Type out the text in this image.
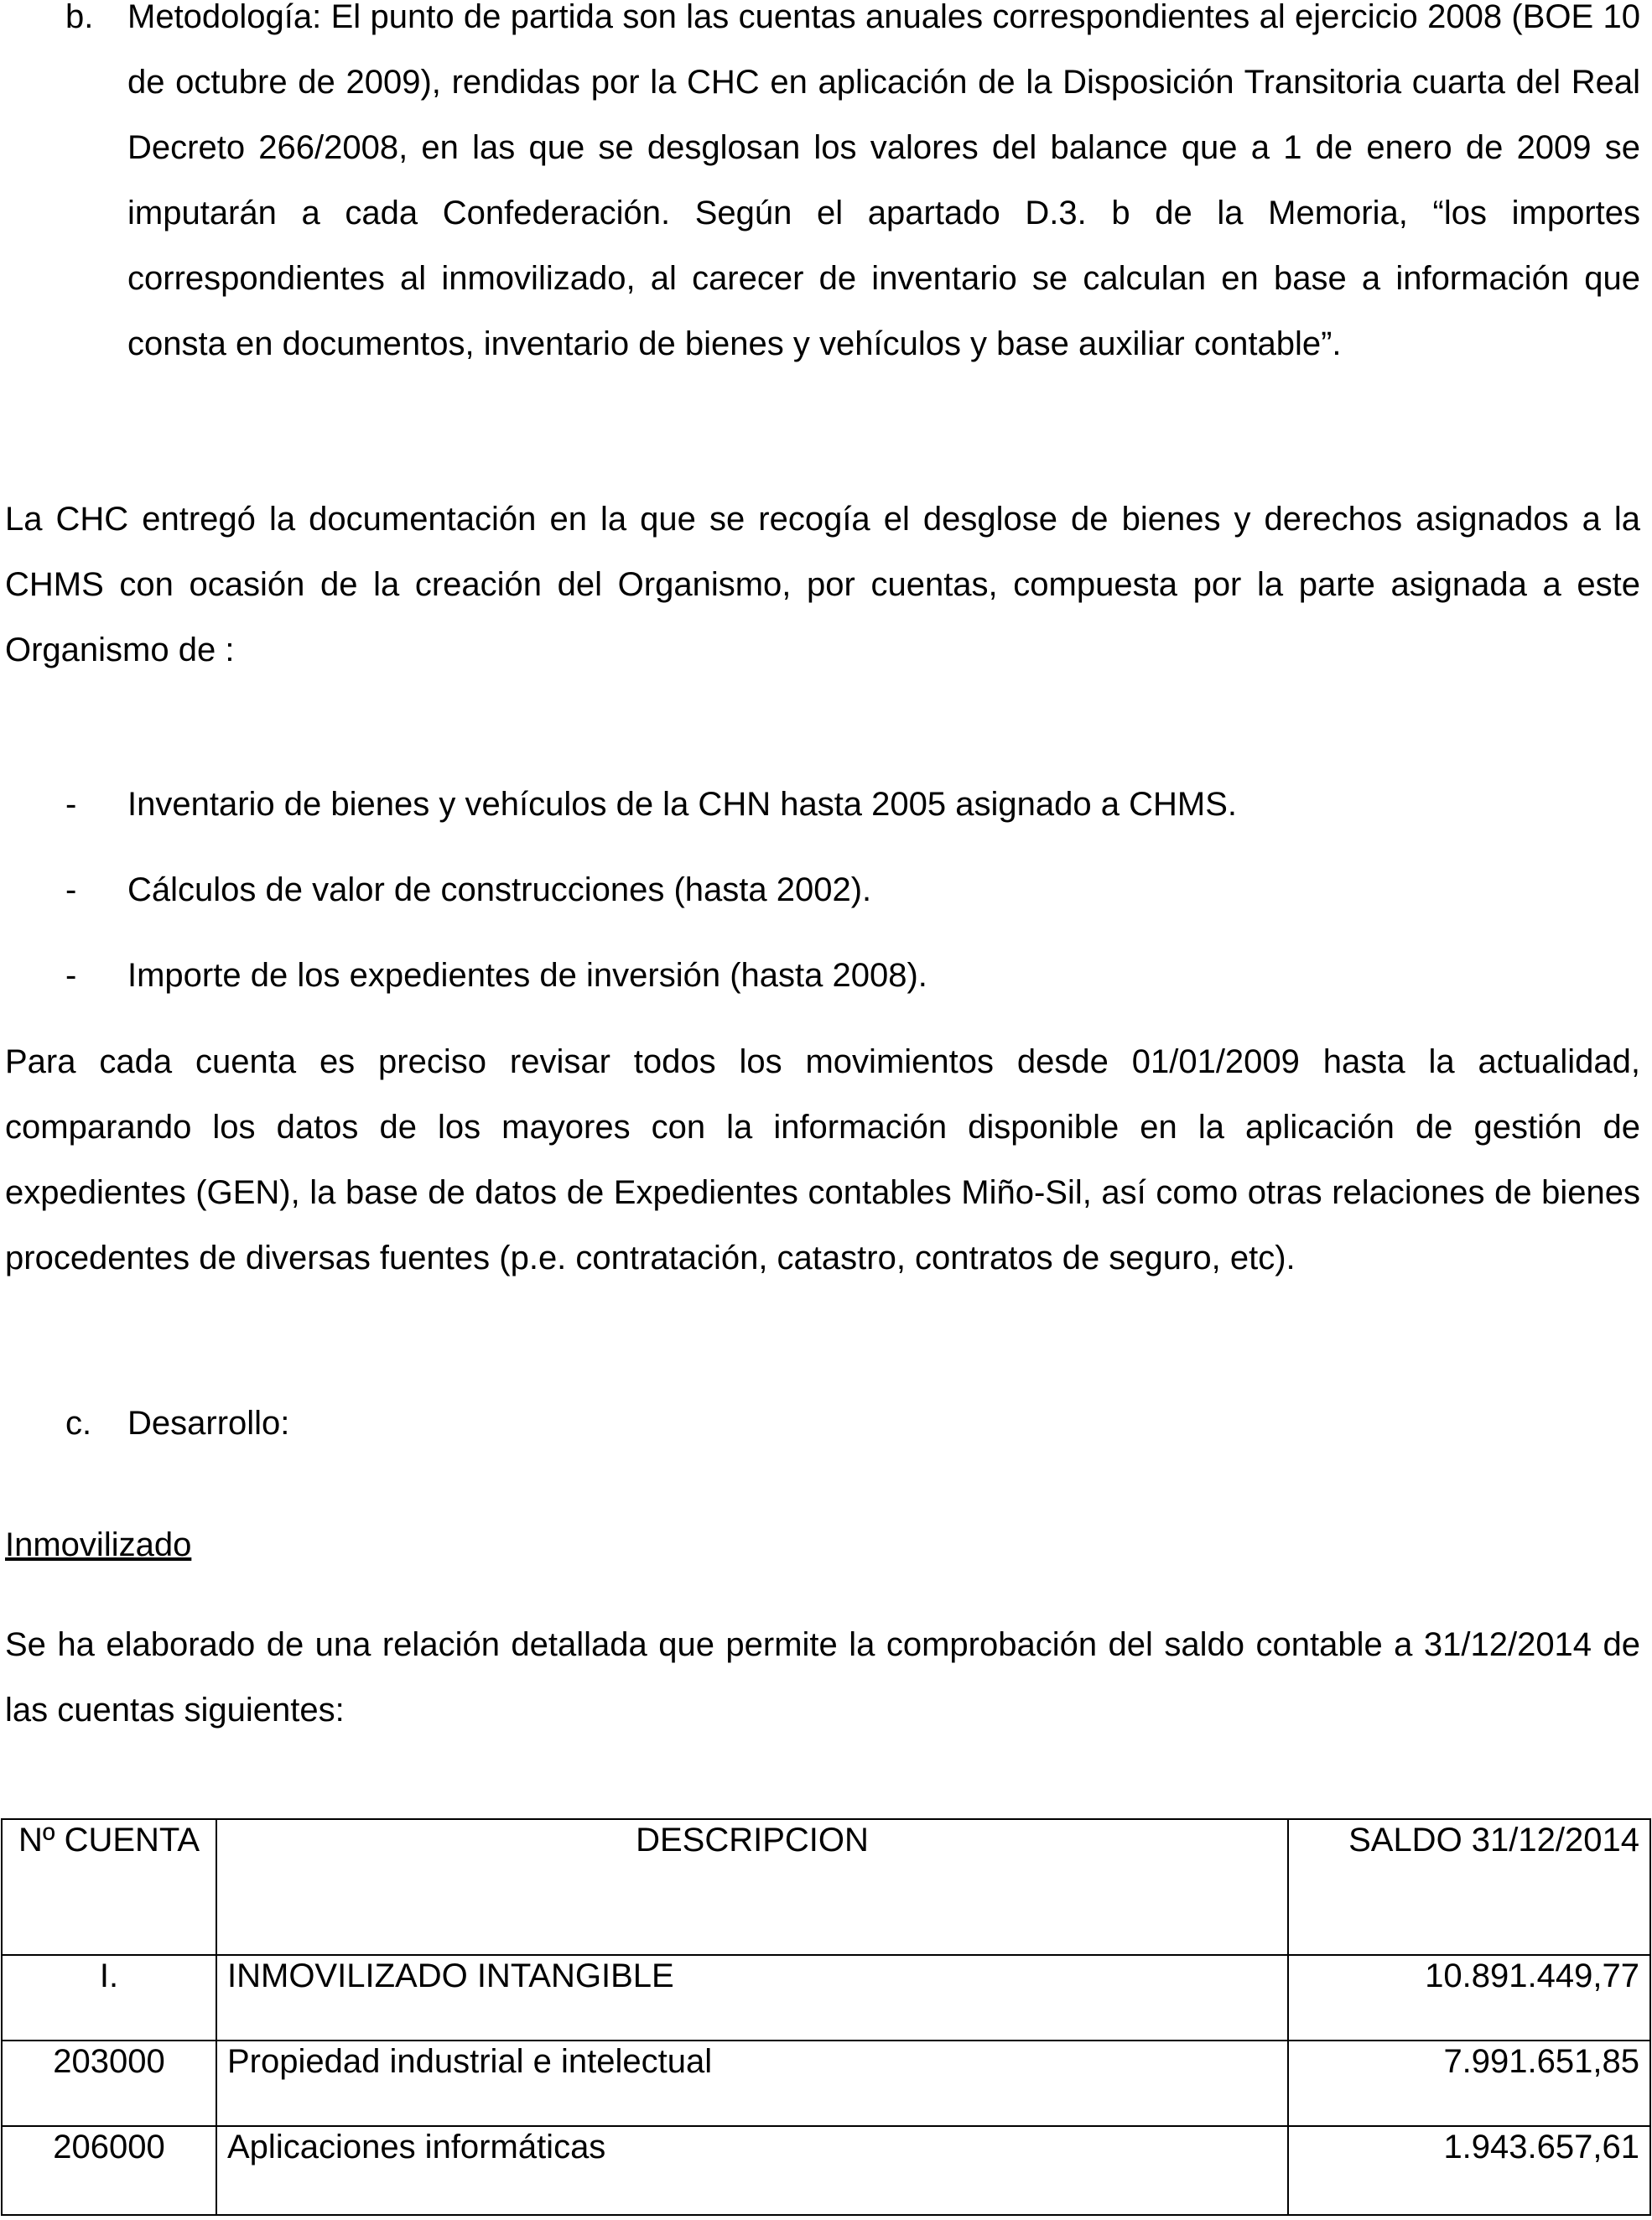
b.	Metodología: El punto de partida son las cuentas anuales correspondientes al ejercicio 2008 (BOE 10 de octubre de 2009), rendidas por la CHC en aplicación de la Disposición Transitoria cuarta del Real Decreto 266/2008, en las que se desglosan los valores del balance que a 1 de enero de 2009 se imputarán a cada Confederación. Según el apartado D.3. b de la Memoria, “los importes correspondientes al inmovilizado, al carecer de inventario se calculan en base a información que consta en documentos, inventario de bienes y vehículos y base auxiliar contable”.

La CHC entregó la documentación en la que se recogía el desglose de bienes y derechos asignados a la CHMS con ocasión de la creación del Organismo, por cuentas, compuesta por la parte asignada a este Organismo de :

- Inventario de bienes y vehículos de la CHN hasta 2005 asignado a CHMS.

- Cálculos de valor de construcciones (hasta 2002).

- Importe de los expedientes de inversión (hasta 2008).

Para cada cuenta es preciso revisar todos los movimientos desde 01/01/2009 hasta la actualidad, comparando los datos de los mayores con la información disponible en la aplicación de gestión de expedientes (GEN), la base de datos de Expedientes contables Miño-Sil, así como otras relaciones de bienes procedentes de diversas fuentes (p.e. contratación, catastro, contratos de seguro, etc).

c.	Desarrollo:

Inmovilizado

Se ha elaborado de una relación detallada que permite la comprobación del saldo contable a 31/12/2014 de las cuentas siguientes:

Nº CUENTA	DESCRIPCION	SALDO 31/12/2014
I.	INMOVILIZADO INTANGIBLE	10.891.449,77
203000	Propiedad industrial e intelectual	7.991.651,85
206000	Aplicaciones informáticas	1.943.657,61
